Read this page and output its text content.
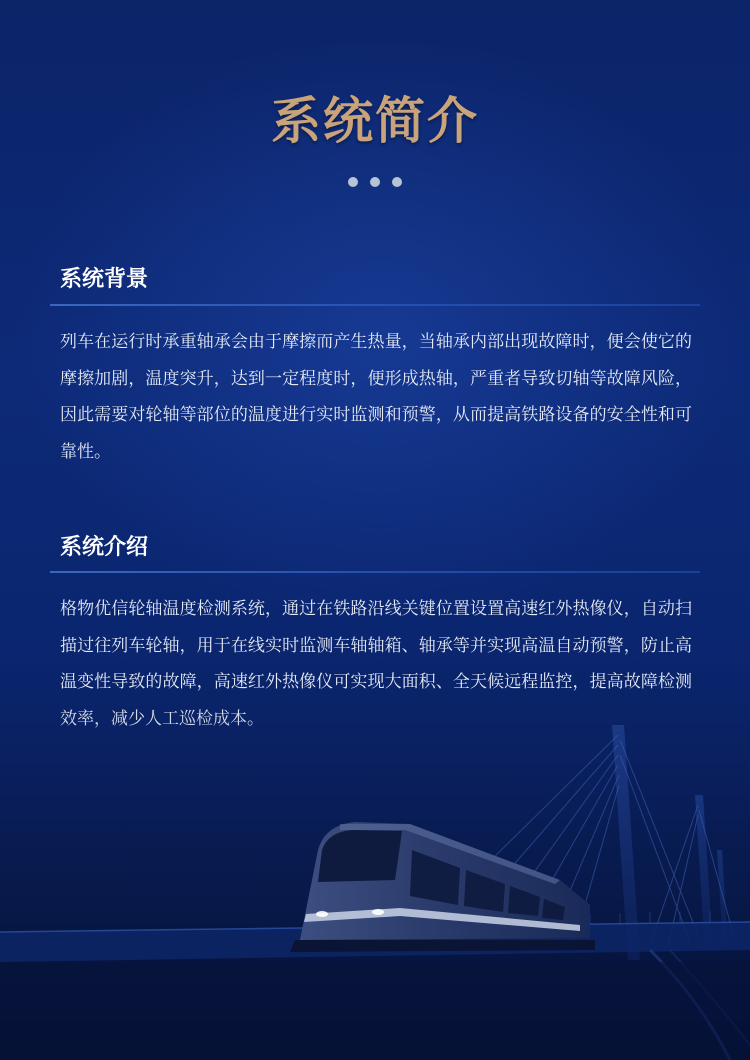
系统简介
系统背景
列车在运行时承重轴承会由于摩擦而产生热量，当轴承内部出现故障时，便会使它的摩擦加剧，温度突升，达到一定程度时，便形成热轴，严重者导致切轴等故障风险，因此需要对轮轴等部位的温度进行实时监测和预警，从而提高铁路设备的安全性和可靠性。
系统介绍
格物优信轮轴温度检测系统，通过在铁路沿线关键位置设置高速红外热像仪，自动扫描过往列车轮轴，用于在线实时监测车轴轴箱、轴承等并实现高温自动预警，防止高温变性导致的故障，高速红外热像仪可实现大面积、全天候远程监控，提高故障检测
